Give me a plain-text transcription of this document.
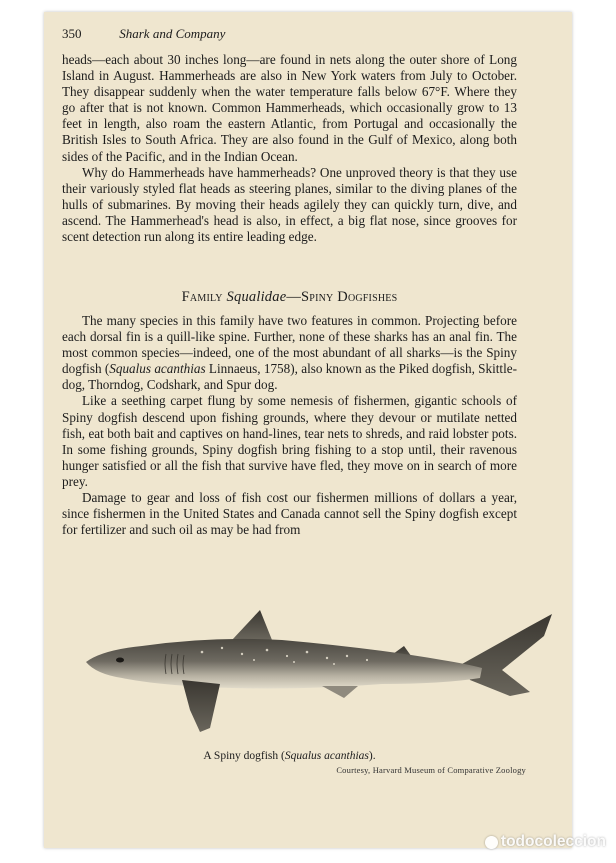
350	Shark and Company

heads—each about 30 inches long—are found in nets along the outer shore of Long Island in August. Hammerheads are also in New York waters from July to October. They disappear suddenly when the water temperature falls below 67°F. Where they go after that is not known. Common Hammerheads, which occasionally grow to 13 feet in length, also roam the eastern Atlantic, from Portugal and occasionally the British Isles to South Africa. They are also found in the Gulf of Mexico, along both sides of the Pacific, and in the Indian Ocean.

Why do Hammerheads have hammerheads? One unproved theory is that they use their variously styled flat heads as steering planes, similar to the diving planes of the hulls of submarines. By moving their heads agilely they can quickly turn, dive, and ascend. The Hammerhead's head is also, in effect, a big flat nose, since grooves for scent detection run along its entire leading edge.

Family Squalidae—Spiny Dogfishes

The many species in this family have two features in common. Projecting before each dorsal fin is a quill-like spine. Further, none of these sharks has an anal fin. The most common species—indeed, one of the most abundant of all sharks—is the Spiny dogfish (Squalus acanthias Linnaeus, 1758), also known as the Piked dogfish, Skittle-dog, Thorndog, Codshark, and Spur dog.

Like a seething carpet flung by some nemesis of fishermen, gigantic schools of Spiny dogfish descend upon fishing grounds, where they devour or mutilate netted fish, eat both bait and captives on hand-lines, tear nets to shreds, and raid lobster pots. In some fishing grounds, Spiny dogfish bring fishing to a stop until, their ravenous hunger satisfied or all the fish that survive have fled, they move on in search of more prey.

Damage to gear and loss of fish cost our fishermen millions of dollars a year, since fishermen in the United States and Canada cannot sell the Spiny dogfish except for fertilizer and such oil as may be had from

A Spiny dogfish (Squalus acanthias).
Courtesy, Harvard Museum of Comparative Zoology
todocoleccion
